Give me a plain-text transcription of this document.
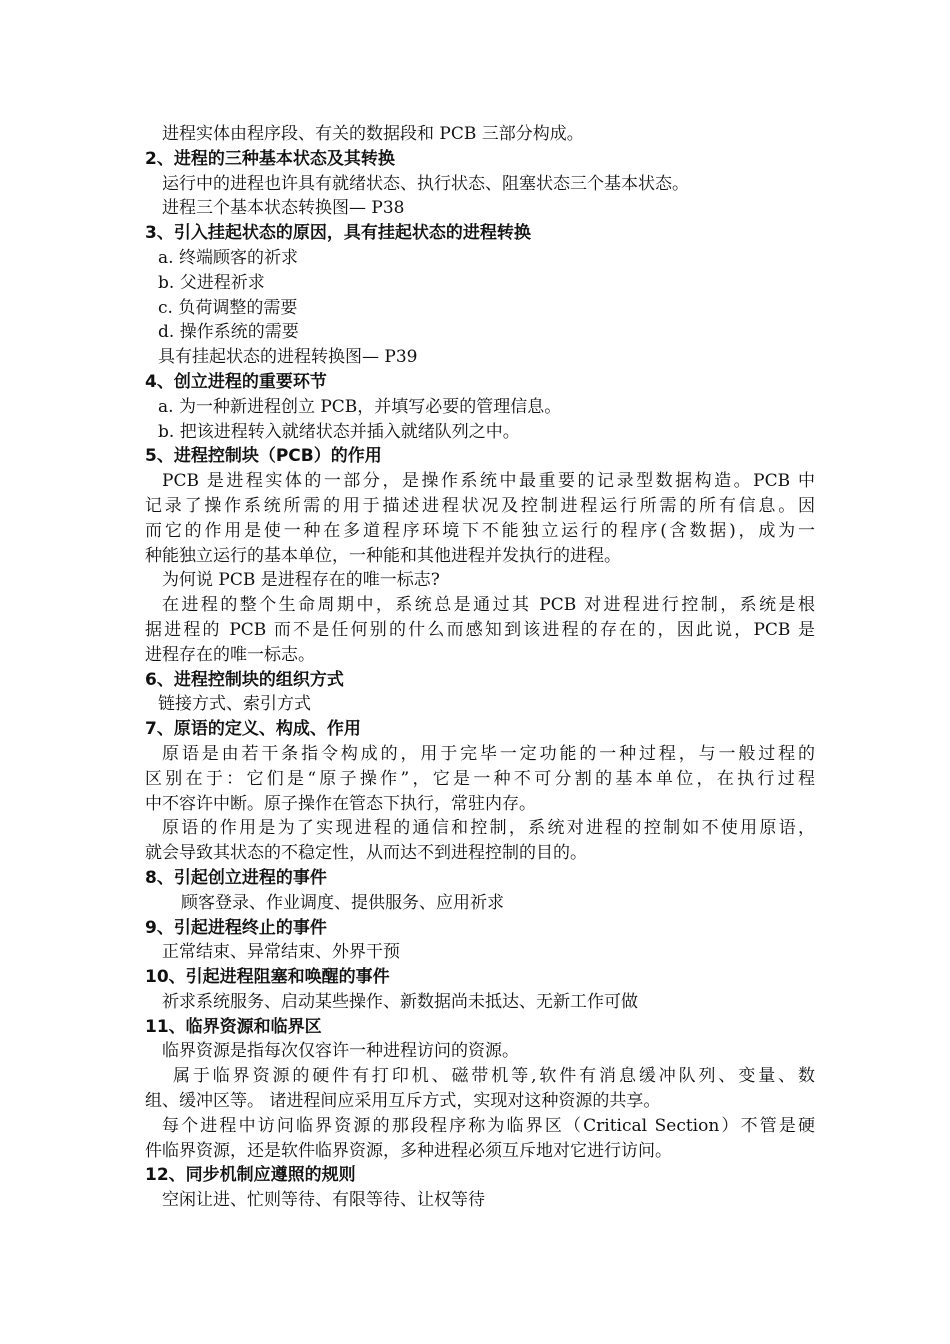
进程实体由程序段、有关的数据段和 PCB 三部分构成。
2、进程的三种基本状态及其转换
运行中的进程也许具有就绪状态、执行状态、阻塞状态三个基本状态。
进程三个基本状态转换图— P38
3、引入挂起状态的原因，具有挂起状态的进程转换
a. 终端顾客的祈求
b. 父进程祈求
c. 负荷调整的需要
d. 操作系统的需要
具有挂起状态的进程转换图— P39
4、创立进程的重要环节
a. 为一种新进程创立 PCB，并填写必要的管理信息。
b. 把该进程转入就绪状态并插入就绪队列之中。
5、进程控制块（PCB）的作用
PCB 是进程实体的一部分，是操作系统中最重要的记录型数据构造。PCB 中
记录了操作系统所需的用于描述进程状况及控制进程运行所需的所有信息。因
而它的作用是使一种在多道程序环境下不能独立运行的程序(含数据)，成为一
种能独立运行的基本单位，一种能和其他进程并发执行的进程。
为何说 PCB 是进程存在的唯一标志?
在进程的整个生命周期中，系统总是通过其 PCB 对进程进行控制，系统是根
据进程的 PCB 而不是任何别的什么而感知到该进程的存在的，因此说，PCB 是
进程存在的唯一标志。
6、进程控制块的组织方式
链接方式、索引方式
7、原语的定义、构成、作用
原语是由若干条指令构成的，用于完毕一定功能的一种过程，与一般过程的
区别在于：它们是“原子操作”，它是一种不可分割的基本单位，在执行过程
中不容许中断。原子操作在管态下执行，常驻内存。
原语的作用是为了实现进程的通信和控制，系统对进程的控制如不使用原语，
就会导致其状态的不稳定性，从而达不到进程控制的目的。
8、引起创立进程的事件
顾客登录、作业调度、提供服务、应用祈求
9、引起进程终止的事件
正常结束、异常结束、外界干预
10、引起进程阻塞和唤醒的事件
祈求系统服务、启动某些操作、新数据尚未抵达、无新工作可做
11、临界资源和临界区
临界资源是指每次仅容许一种进程访问的资源。
属于临界资源的硬件有打印机、磁带机等,软件有消息缓冲队列、变量、数
组、缓冲区等。 诸进程间应采用互斥方式，实现对这种资源的共享。
每个进程中访问临界资源的那段程序称为临界区（Critical Section）不管是硬
件临界资源，还是软件临界资源，多种进程必须互斥地对它进行访问。
12、同步机制应遵照的规则
空闲让进、忙则等待、有限等待、让权等待
